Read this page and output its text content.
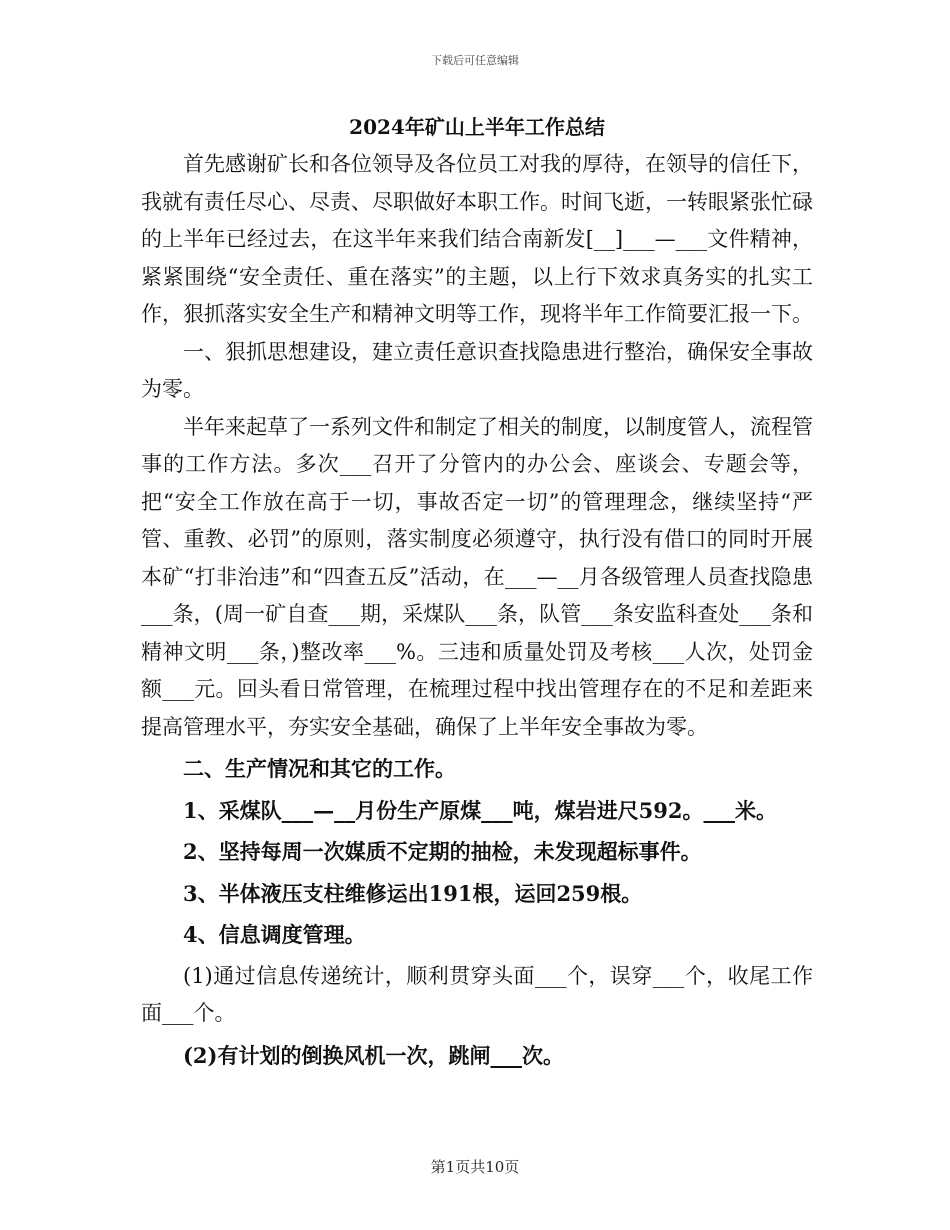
下载后可任意编辑
2024年矿山上半年工作总结

首先感谢矿长和各位领导及各位员工对我的厚待，在领导的信任下，我就有责任尽心、尽责、尽职做好本职工作。时间飞逝，一转眼紧张忙碌的上半年已经过去，在这半年来我们结合南新发[__]___—___文件精神，紧紧围绕“安全责任、重在落实”的主题，以上行下效求真务实的扎实工作，狠抓落实安全生产和精神文明等工作，现将半年工作简要汇报一下。

一、狠抓思想建设，建立责任意识查找隐患进行整治，确保安全事故为零。

半年来起草了一系列文件和制定了相关的制度，以制度管人，流程管事的工作方法。多次___召开了分管内的办公会、座谈会、专题会等，把“安全工作放在高于一切，事故否定一切”的管理理念，继续坚持“严管、重教、必罚”的原则，落实制度必须遵守，执行没有借口的同时开展本矿“打非治违”和“四查五反”活动，在___—__月各级管理人员查找隐患___条，(周一矿自查___期，采煤队___条，队管___条安监科查处___条和精神文明___条，)整改率___%。三违和质量处罚及考核___人次，处罚金额___元。回头看日常管理，在梳理过程中找出管理存在的不足和差距来提高管理水平，夯实安全基础，确保了上半年安全事故为零。

二、生产情况和其它的工作。

1、采煤队___—__月份生产原煤___吨，煤岩进尺592。___米。

2、坚持每周一次媒质不定期的抽检，未发现超标事件。

3、半体液压支柱维修运出191根，运回259根。

4、信息调度管理。

(1)通过信息传递统计，顺利贯穿头面___个，误穿___个，收尾工作面___个。

(2)有计划的倒换风机一次，跳闸___次。

第1页共10页
